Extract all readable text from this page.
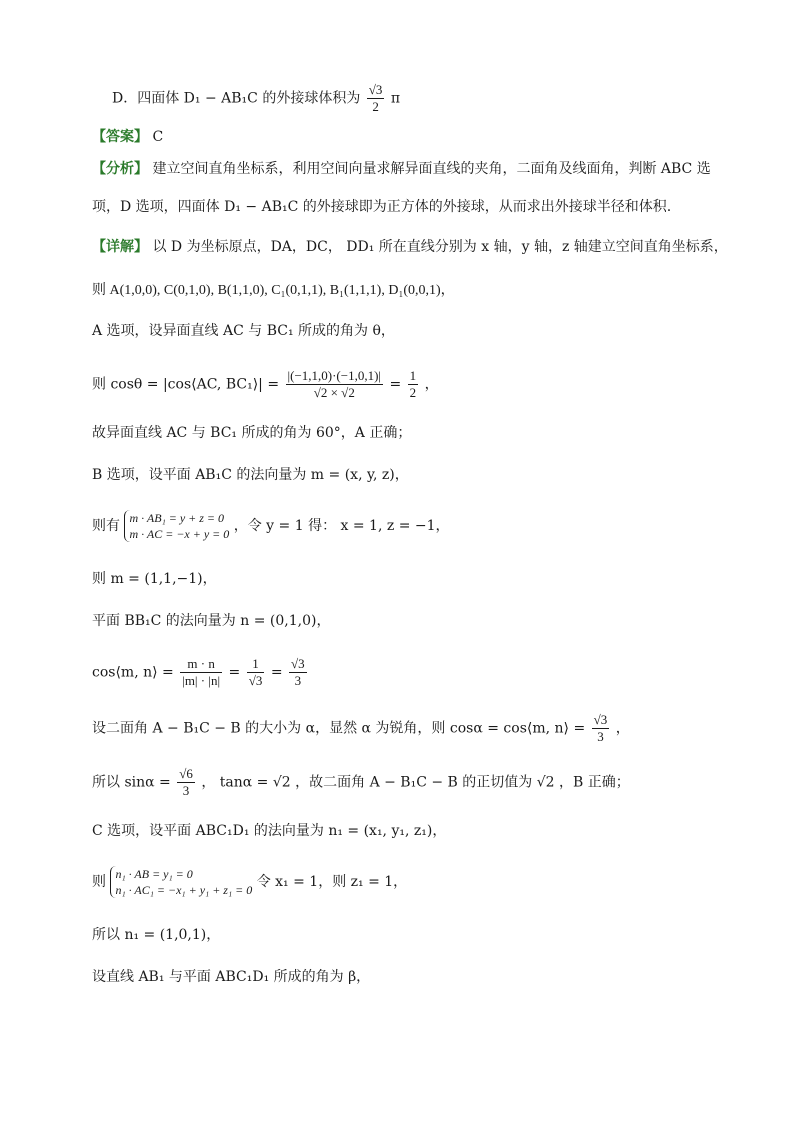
D．四面体 D₁ − AB₁C 的外接球体积为 $\frac{√3}{2}$ π
【答案】 C
【分析】 建立空间直角坐标系，利用空间向量求解异面直线的夹角，二面角及线面角，判断 ABC 选
项，D 选项，四面体 D₁ − AB₁C 的外接球即为正方体的外接球，从而求出外接球半径和体积.
【详解】 以 D 为坐标原点，DA，DC， DD₁ 所在直线分别为 x 轴，y 轴，z 轴建立空间直角坐标系，
则 A(1,0,0), C(0,1,0), B(1,1,0), C₁(0,1,1), B₁(1,1,1), D₁(0,0,1)，
A 选项，设异面直线 AC 与 BC₁ 所成的角为 θ，
则 cosθ = |cos⟨AC, BC₁⟩| = $\frac{|(-1,1,0)\cdot(-1,0,1)|}{√2 \times √2} = \frac{1}{2}$ ，
故异面直线 AC 与 BC₁ 所成的角为 60°，A 正确；
B 选项，设平面 AB₁C 的法向量为 m = (x, y, z)，
则有 m · AB₁ = y + z = 0
m · AC = −x + y = 0 ，令 y = 1 得： x = 1, z = −1，
则 m = (1,1,−1)，
平面 BB₁C 的法向量为 n = (0,1,0)，
cos⟨m, n⟩ = $\frac{m \cdot n}{|m| \cdot |n|} = \frac{1}{√3} = \frac{√3}{3}$
设二面角 A − B₁C − B 的大小为 α，显然 α 为锐角，则 cosα = cos⟨m, n⟩ = $\frac{√3}{3}$ ，
所以 $\sin\alpha = \frac{√6}{3}$ ， tanα = √2 ，故二面角 A − B₁C − B 的正切值为 √2 ，B 正确；
C 选项，设平面 ABC₁D₁ 的法向量为 n₁ = (x₁, y₁, z₁)，
则 n₁ · AB = y₁ = 0
n₁ · AC₁ = −x₁ + y₁ + z₁ = 0 令 x₁ = 1，则 z₁ = 1，
所以 n₁ = (1,0,1)，
设直线 AB₁ 与平面 ABC₁D₁ 所成的角为 β，
